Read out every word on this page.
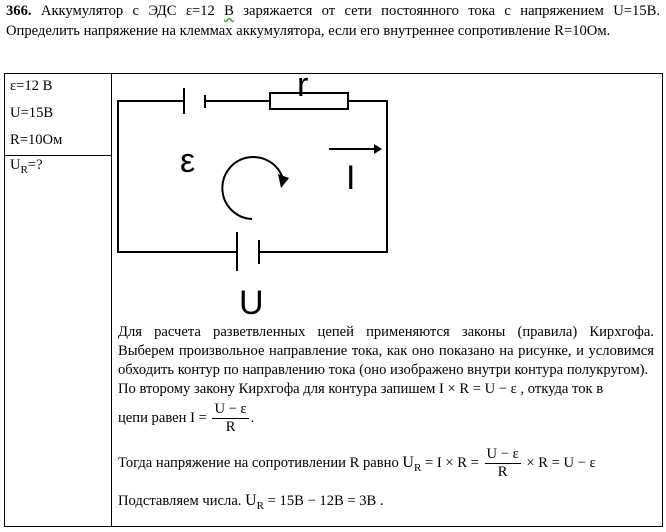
366. Аккумулятор с ЭДС ε=12 В заряжается от сети постоянного тока с напряжением U=15В. Определить напряжение на клеммах аккумулятора, если его внутреннее сопротивление R=10Ом.
ε=12 В
U=15В
R=10Ом
$U_R=$?

r
ε	I
U
Для расчета разветвленных цепей применяются законы (правила) Кирхгофа. Выберем произвольное направление тока, как оно показано на рисунке, и условимся обходить контур по направлению тока (оно изображено внутри контура полукругом).
По второму закону Кирхгофа для контура запишем I × R = U − ε , откуда ток в
цепи равен $I = \frac{U - \varepsilon}{R}$ .
Тогда напряжение на сопротивлении R равно $U_R = I \times R = \frac{U - \varepsilon}{R} \times R = U - \varepsilon$
Подставляем числа. $U_R = 15В - 12В = 3В$ .
